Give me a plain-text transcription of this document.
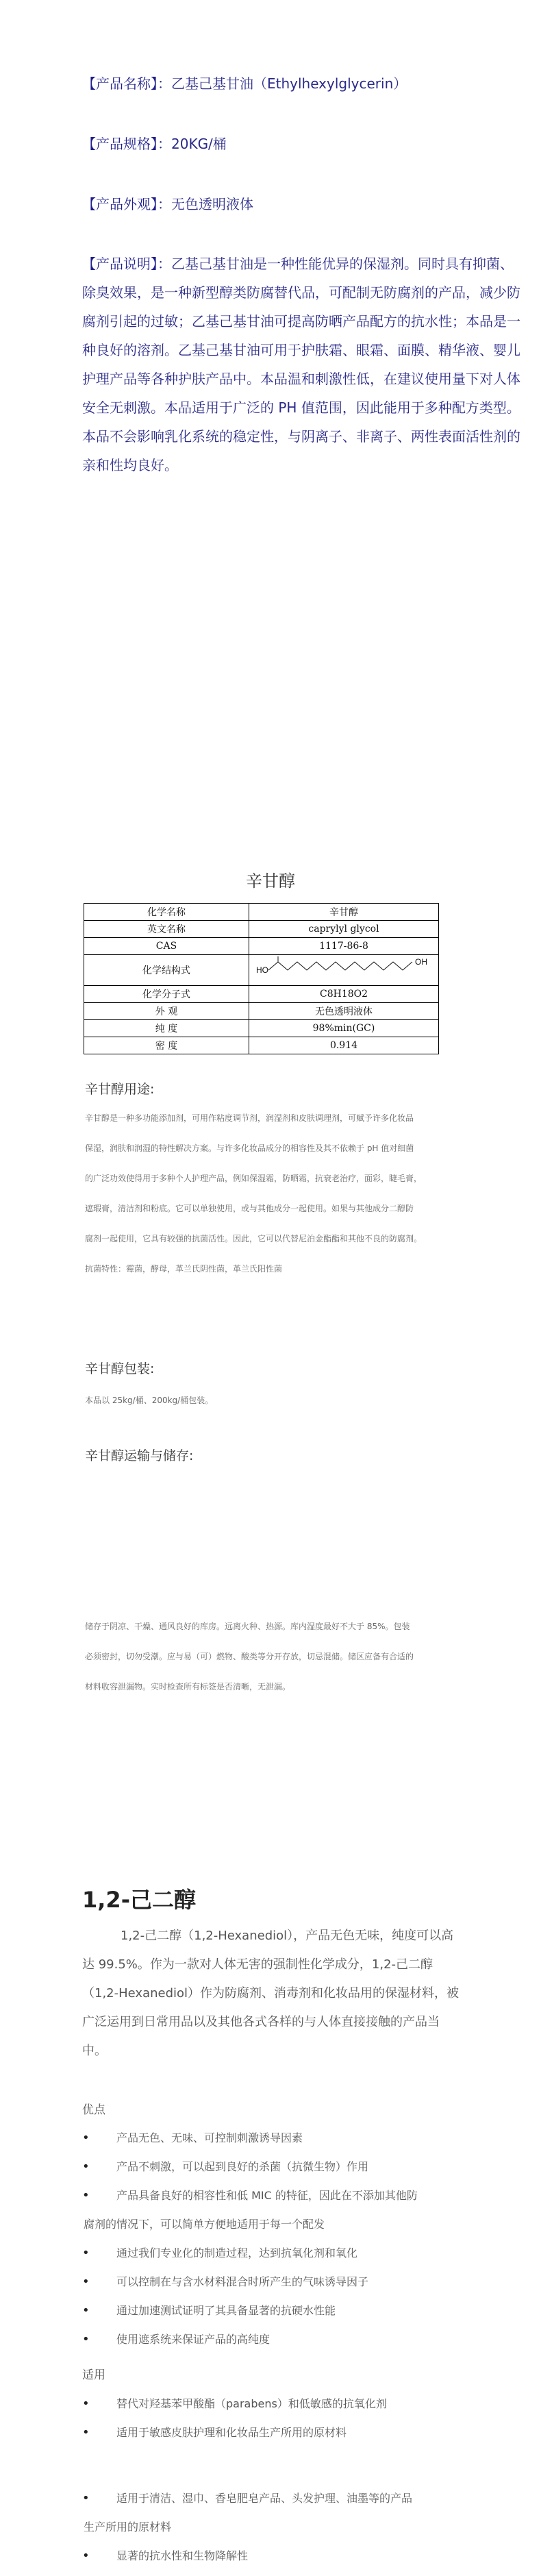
【产品名称】：乙基己基甘油（Ethylhexylglycerin）
【产品规格】：20KG/桶
【产品外观】：无色透明液体
【产品说明】：乙基己基甘油是一种性能优异的保湿剂。同时具有抑菌、除臭效果，是一种新型醇类防腐替代品，可配制无防腐剂的产品，减少防腐剂引起的过敏；乙基己基甘油可提高防晒产品配方的抗水性；本品是一种良好的溶剂。乙基己基甘油可用于护肤霜、眼霜、面膜、精华液、婴儿护理产品等各种护肤产品中。本品温和刺激性低，在建议使用量下对人体安全无刺激。本品适用于广泛的 PH 值范围，因此能用于多种配方类型。本品不会影响乳化系统的稳定性，与阴离子、非离子、两性表面活性剂的亲和性均良好。
辛甘醇
化学名称	辛甘醇
英文名称	caprylyl glycol
CAS	1117-86-8
化学结构式	HO
OH

化学分子式	C8H18O2
外 观	无色透明液体
纯 度	98%min(GC)
密 度	0.914
辛甘醇用途:
辛甘醇是一种多功能添加剂，可用作粘度调节剂，润湿剂和皮肤调理剂，可赋予许多化妆品
保湿，润肤和润湿的特性解决方案。与许多化妆品成分的相容性及其不依赖于 pH 值对细菌
的广泛功效使得用于多种个人护理产品，例如保湿霜，防晒霜，抗衰老治疗，面彩，睫毛膏，
遮瑕膏，清洁剂和粉底。它可以单独使用，或与其他成分一起使用。如果与其他成分二醇防
腐剂一起使用，它具有较强的抗菌活性。因此，它可以代替尼泊金酯酯和其他不良的防腐剂。
抗菌特性：霉菌，酵母，革兰氏阴性菌，革兰氏阳性菌
辛甘醇包装:
本品以 25kg/桶、200kg/桶包装。
辛甘醇运输与储存:
储存于阴凉、干燥、通风良好的库房。远离火种、热源。库内湿度最好不大于 85%。包装
必须密封，切勿受潮。应与易（可）燃物、酸类等分开存放，切忌混储。储区应备有合适的
材料收容泄漏物。实时检查所有标签是否清晰，无泄漏。
1,2-己二醇
1,2-己二醇（1,2-Hexanediol），产品无色无味，纯度可以高
达 99.5%。作为一款对人体无害的强制性化学成分，1,2-己二醇
（1,2-Hexanediol）作为防腐剂、消毒剂和化妆品用的保湿材料，被
广泛运用到日常用品以及其他各式各样的与人体直接接触的产品当
中。
优点
• 产品无色、无味、可控制刺激诱导因素
• 产品不刺激，可以起到良好的杀菌（抗微生物）作用
• 产品具备良好的相容性和低 MIC 的特征，因此在不添加其他防
腐剂的情况下，可以简单方便地适用于每一个配发
• 通过我们专业化的制造过程，达到抗氧化剂和氧化
• 可以控制在与含水材料混合时所产生的气味诱导因子
• 通过加速测试证明了其具备显著的抗硬水性能
• 使用遮系统来保证产品的高纯度
适用
• 替代对羟基苯甲酸酯（parabens）和低敏感的抗氧化剂
• 适用于敏感皮肤护理和化妆品生产所用的原材料
• 适用于清洁、湿巾、香皂肥皂产品、头发护理、油墨等的产品
生产所用的原材料
• 显著的抗水性和生物降解性
